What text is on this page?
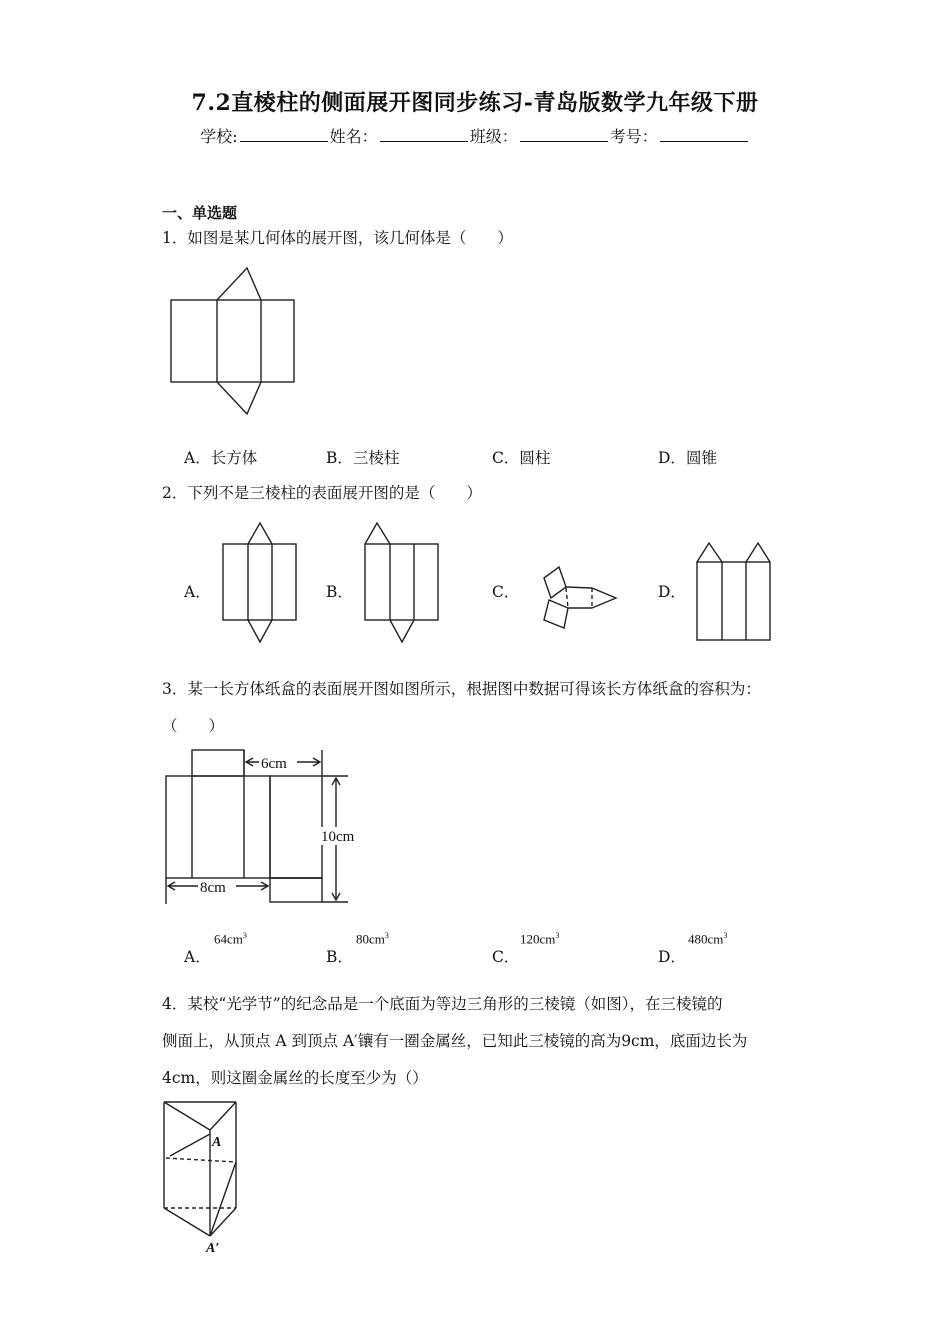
7.2直棱柱的侧面展开图同步练习-青岛版数学九年级下册
学校:	姓名：	班级：	考号：
一、单选题
1．如图是某几何体的展开图，该几何体是（　　）
A．长方体	B．三棱柱	C．圆柱	D．圆锥
2．下列不是三棱柱的表面展开图的是（　　）
A．	B．	C．	D．
3．某一长方体纸盒的表面展开图如图所示，根据图中数据可得该长方体纸盒的容积为：
（　　）
6cm
10cm
8cm
A．
$64cm^3$
B．
$80cm^3$
C．
$120cm^3$
D．
$480cm^3$
4．某校“光学节”的纪念品是一个底面为等边三角形的三棱镜（如图），在三棱镜的
侧面上，从顶点 A 到顶点 A′镶有一圈金属丝，已知此三棱镜的高为9cm，底面边长为
4cm，则这圈金属丝的长度至少为（）
A
A′
